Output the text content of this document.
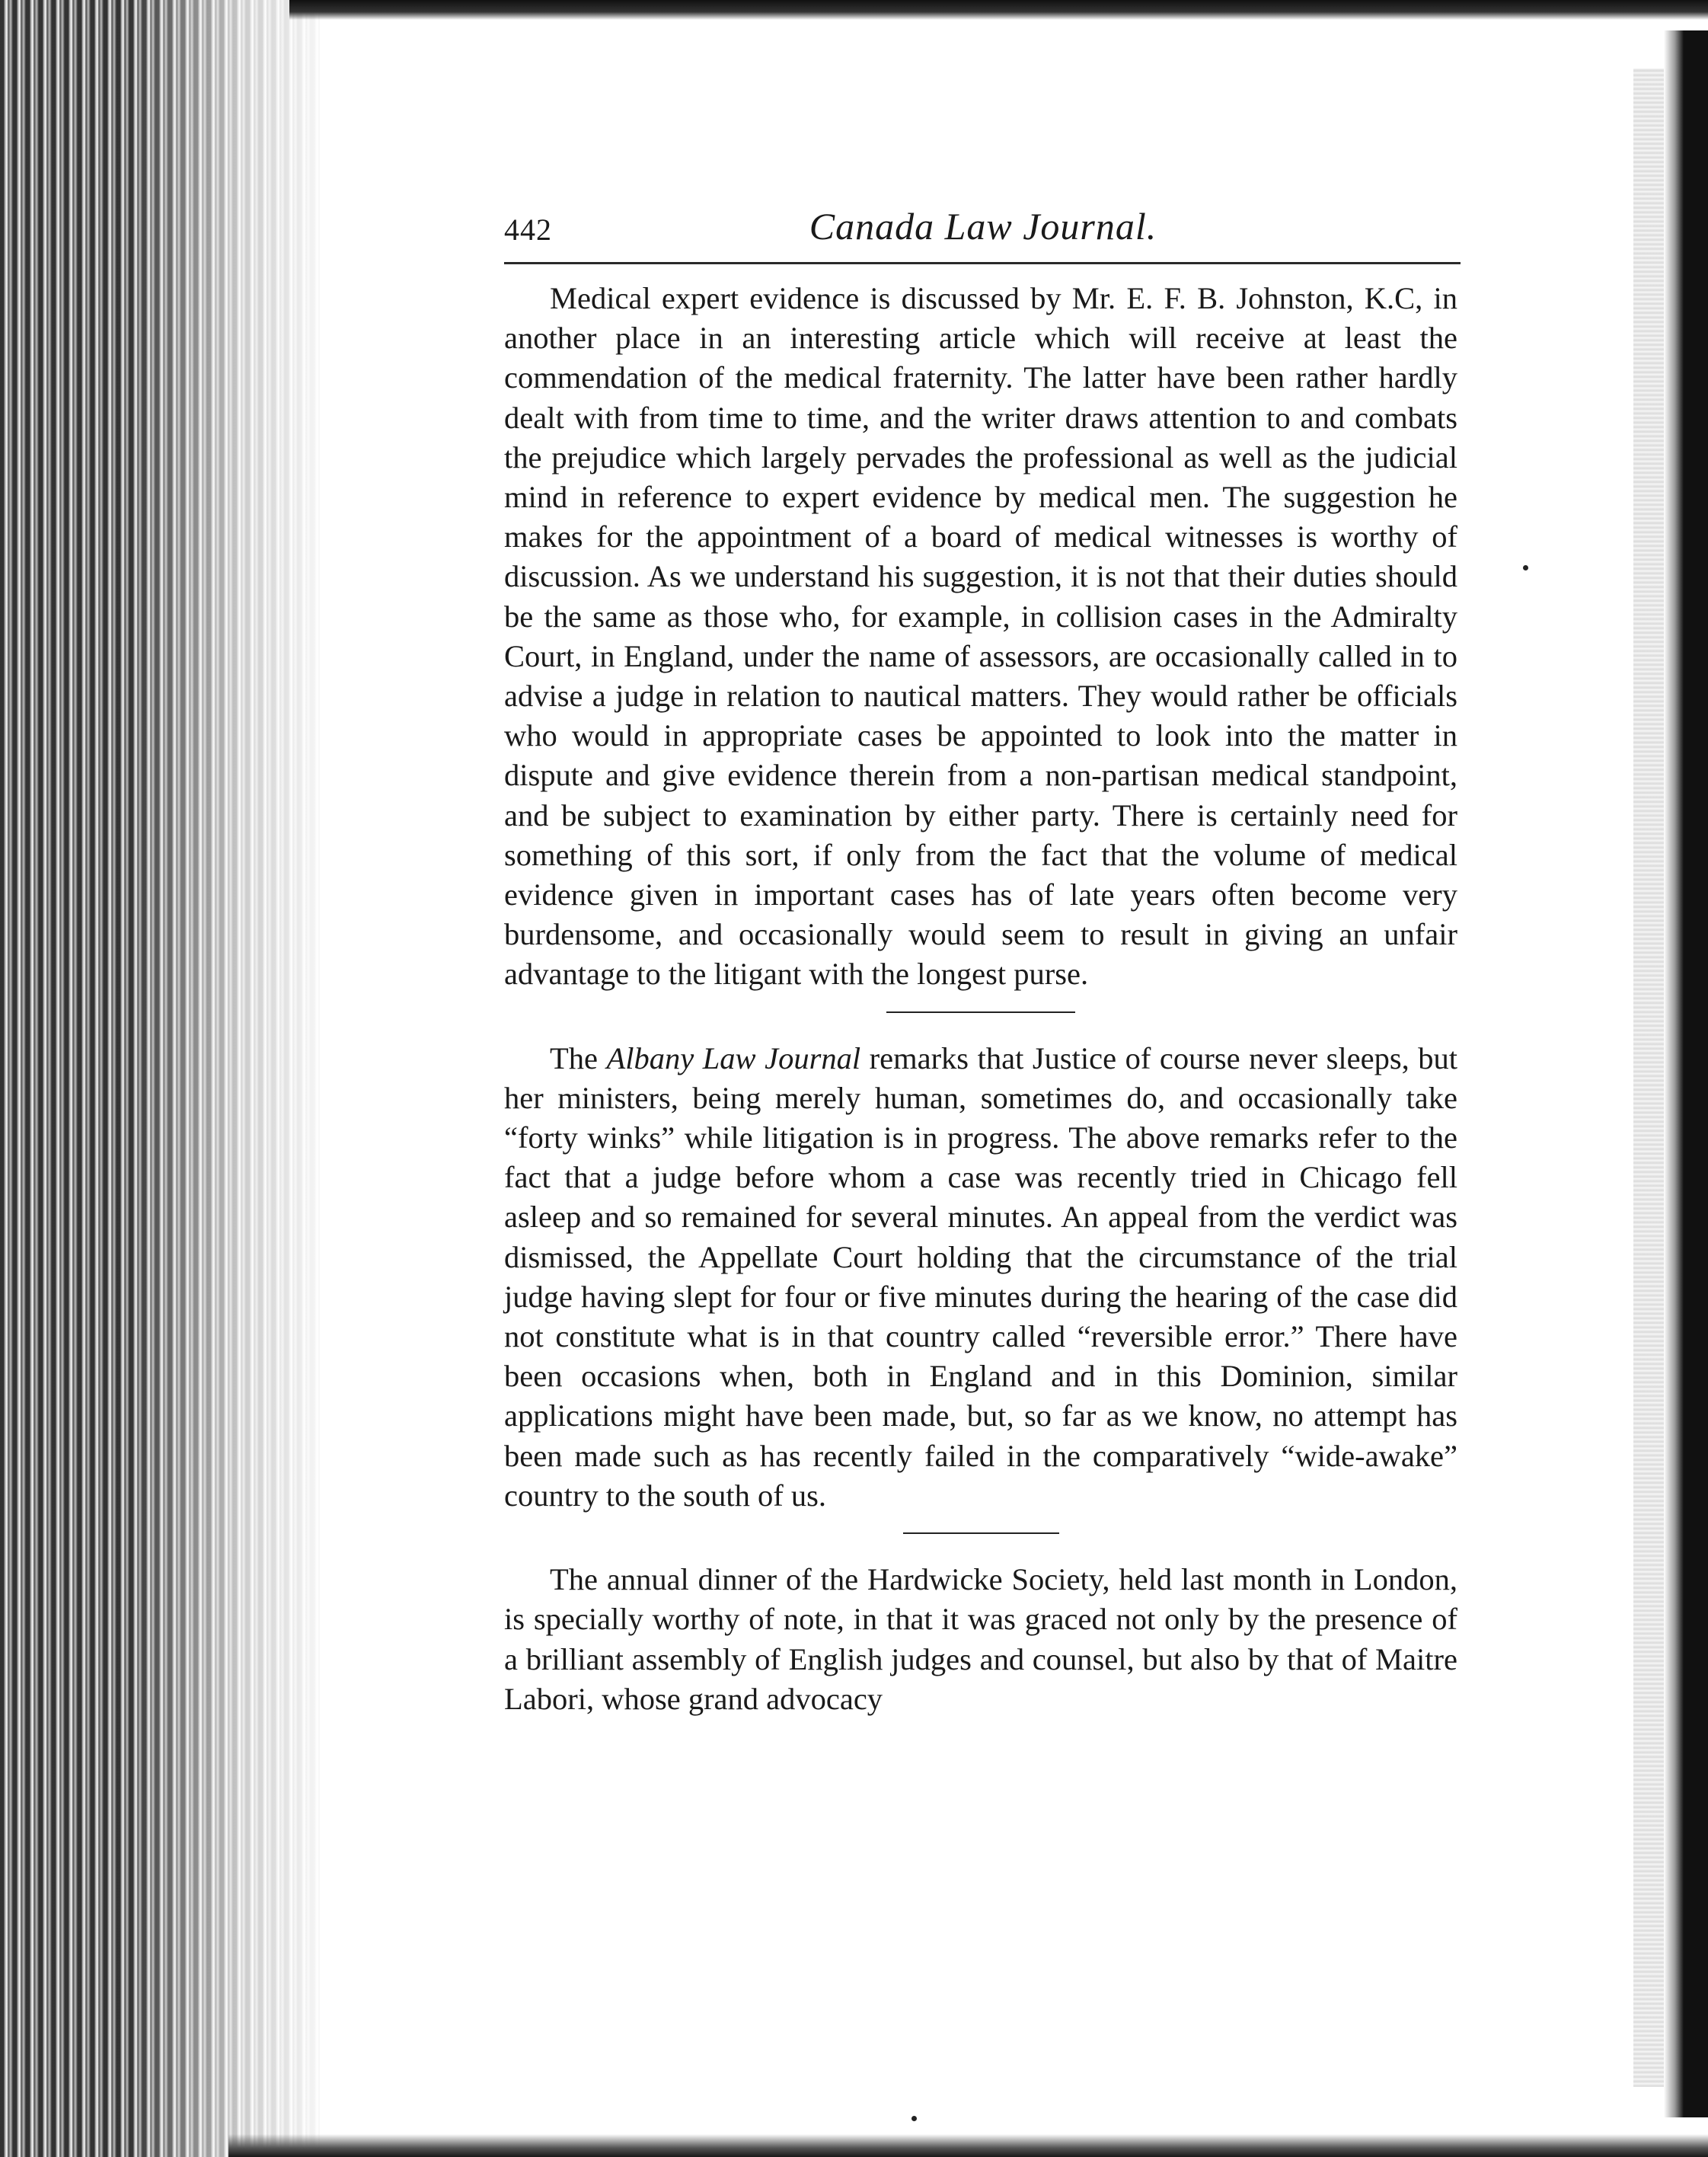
442	Canada Law Journal.

Medical expert evidence is discussed by Mr. E. F. B. Johnston, K.C, in another place in an interesting article which will receive at least the commendation of the medical fraternity. The latter have been rather hardly dealt with from time to time, and the writer draws attention to and combats the prejudice which largely pervades the professional as well as the judicial mind in reference to expert evidence by medical men. The suggestion he makes for the appointment of a board of medical witnesses is worthy of discussion. As we understand his suggestion, it is not that their duties should be the same as those who, for example, in collision cases in the Admiralty Court, in England, under the name of assessors, are occasionally called in to advise a judge in relation to nautical matters. They would rather be officials who would in appropriate cases be appointed to look into the matter in dispute and give evidence therein from a non-partisan medical standpoint, and be subject to examination by either party. There is certainly need for something of this sort, if only from the fact that the volume of medical evidence given in important cases has of late years often become very burdensome, and occasionally would seem to result in giving an unfair advantage to the litigant with the longest purse.

The Albany Law Journal remarks that Justice of course never sleeps, but her ministers, being merely human, sometimes do, and occasionally take “forty winks” while litigation is in progress. The above remarks refer to the fact that a judge before whom a case was recently tried in Chicago fell asleep and so remained for several minutes. An appeal from the verdict was dismissed, the Appellate Court holding that the circumstance of the trial judge having slept for four or five minutes during the hearing of the case did not constitute what is in that country called “reversible error.” There have been occasions when, both in England and in this Dominion, similar applications might have been made, but, so far as we know, no attempt has been made such as has recently failed in the comparatively “wide-awake” country to the south of us.

The annual dinner of the Hardwicke Society, held last month in London, is specially worthy of note, in that it was graced not only by the presence of a brilliant assembly of English judges and counsel, but also by that of Maitre Labori, whose grand advocacy
